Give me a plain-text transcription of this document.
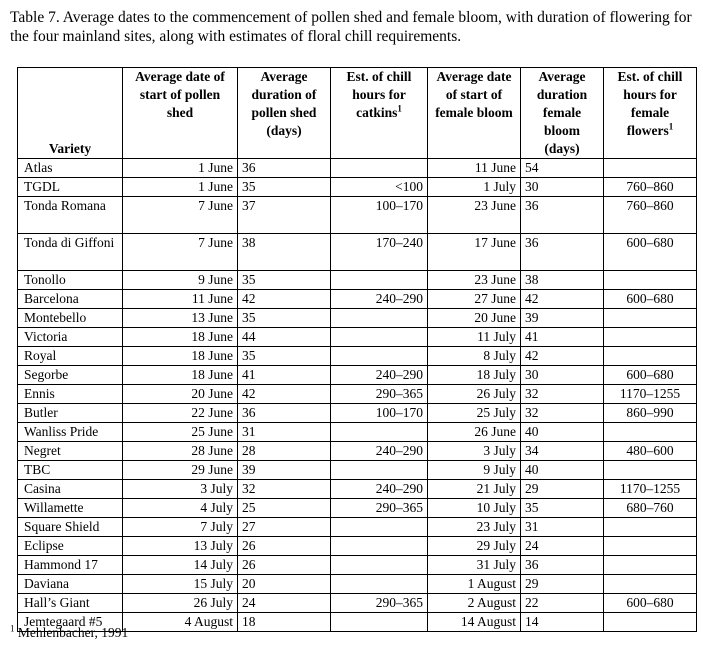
Table 7. Average dates to the commencement of pollen shed and female bloom, with duration of flowering for the four mainland sites, along with estimates of floral chill requirements.
Variety	Average date of start of pollen shed	Average duration of pollen shed (days)	Est. of chill hours for catkins$^1$	Average date of start of female bloom	Average duration female bloom (days)	Est. of chill hours for female flowers$^1$
Atlas	1 June	36		11 June	54	
TGDL	1 June	35	<100	1 July	30	760–860
Tonda Romana	7 June	37	100–170	23 June	36	760–860
Tonda di Giffoni	7 June	38	170–240	17 June	36	600–680
Tonollo	9 June	35		23 June	38	
Barcelona	11 June	42	240–290	27 June	42	600–680
Montebello	13 June	35		20 June	39	
Victoria	18 June	44		11 July	41	
Royal	18 June	35		8 July	42	
Segorbe	18 June	41	240–290	18 July	30	600–680
Ennis	20 June	42	290–365	26 July	32	1170–1255
Butler	22 June	36	100–170	25 July	32	860–990
Wanliss Pride	25 June	31		26 June	40	
Negret	28 June	28	240–290	3 July	34	480–600
TBC	29 June	39		9 July	40	
Casina	3 July	32	240–290	21 July	29	1170–1255
Willamette	4 July	25	290–365	10 July	35	680–760
Square Shield	7 July	27		23 July	31	
Eclipse	13 July	26		29 July	24	
Hammond 17	14 July	26		31 July	36	
Daviana	15 July	20		1 August	29	
Hall’s Giant	26 July	24	290–365	2 August	22	600–680
Jemtegaard #5	4 August	18		14 August	14	
$^1$ Mehlenbacher, 1991
